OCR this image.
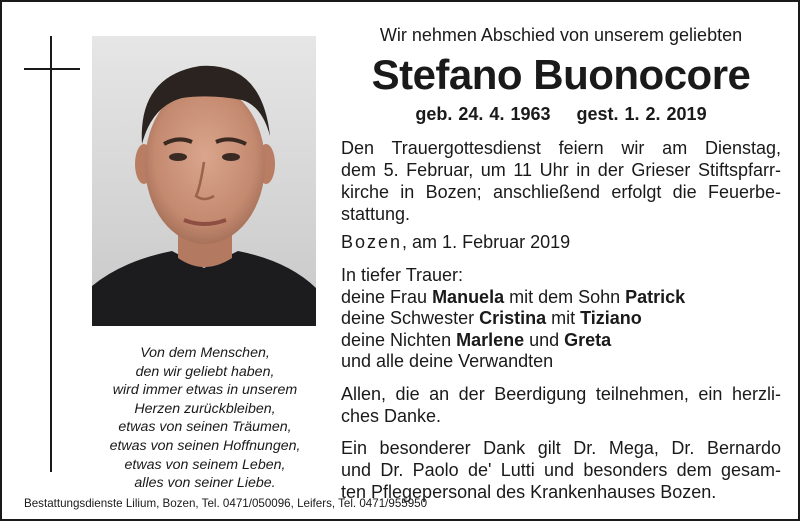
Von dem Menschen,
den wir geliebt haben,
wird immer etwas in unserem
Herzen zurückbleiben,
etwas von seinen Träumen,
etwas von seinen Hoffnungen,
etwas von seinem Leben,
alles von seiner Liebe.
Wir nehmen Abschied von unserem geliebten
Stefano Buonocore
geb. 24. 4. 1963 gest. 1. 2. 2019
Den Trauergottesdienst feiern wir am Dienstag,
dem 5. Februar, um 11 Uhr in der Grieser Stiftspfarr-
kirche in Bozen; anschließend erfolgt die Feuerbe-
stattung.
Bozen, am 1. Februar 2019
In tiefer Trauer:
deine Frau Manuela mit dem Sohn Patrick
deine Schwester Cristina mit Tiziano
deine Nichten Marlene und Greta
und alle deine Verwandten
Allen, die an der Beerdigung teilnehmen, ein herzli-
ches Danke.
Ein besonderer Dank gilt Dr. Mega, Dr. Bernardo
und Dr. Paolo de' Lutti und besonders dem gesam-
ten Pflegepersonal des Krankenhauses Bozen.
Bestattungsdienste Lilium, Bozen, Tel. 0471/050096, Leifers, Tel. 0471/955950
